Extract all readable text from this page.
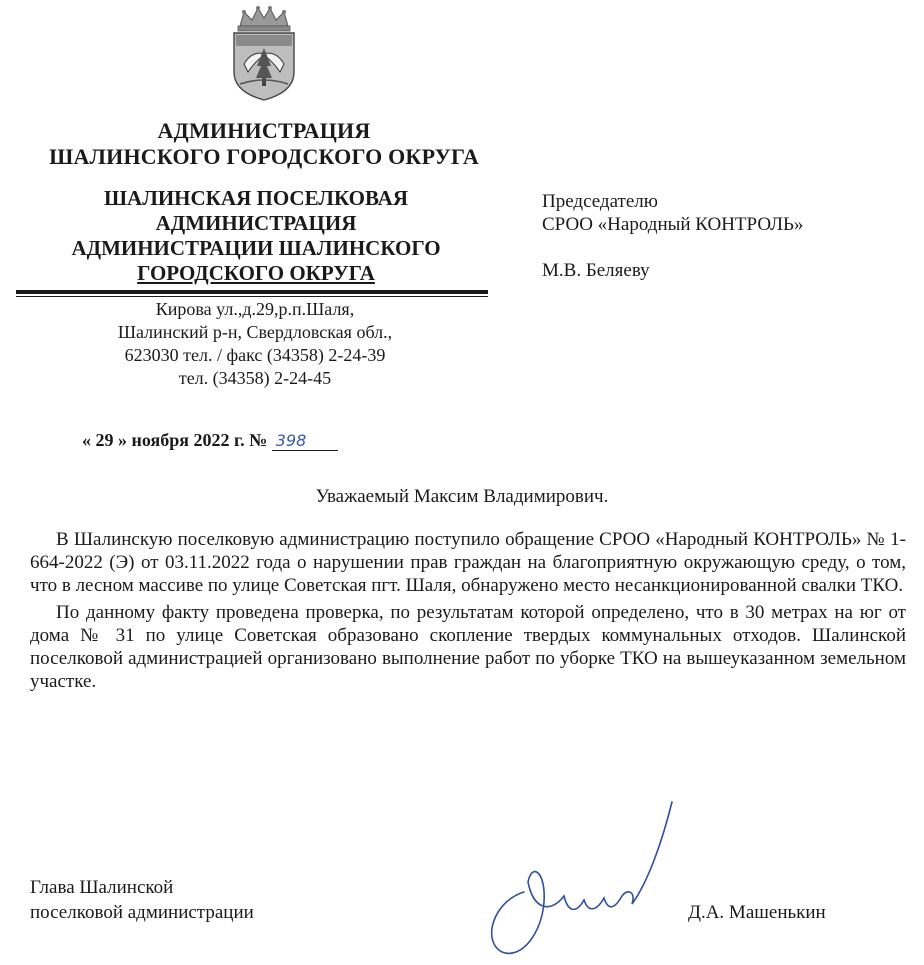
АДМИНИСТРАЦИЯ
ШАЛИНСКОГО ГОРОДСКОГО ОКРУГА
ШАЛИНСКАЯ ПОСЕЛКОВАЯ
АДМИНИСТРАЦИЯ
АДМИНИСТРАЦИИ ШАЛИНСКОГО
ГОРОДСКОГО ОКРУГА
Кирова ул.,д.29,р.п.Шаля,
Шалинский р-н, Свердловская обл.,
623030 тел. / факс (34358) 2-24-39
тел. (34358) 2-24-45
« 29 » ноября 2022 г. № 398
Председателю
СРОО «Народный КОНТРОЛЬ»
М.В. Беляеву
Уважаемый Максим Владимирович.

В Шалинскую поселковую администрацию поступило обращение СРОО «Народный КОНТРОЛЬ» № 1-664-2022 (Э) от 03.11.2022 года о нарушении прав граждан на благоприятную окружающую среду, о том, что в лесном массиве по улице Советская пгт. Шаля, обнаружено место несанкционированной свалки ТКО.

По данному факту проведена проверка, по результатам которой определено, что в 30 метрах на юг от дома № 31 по улице Советская образовано скопление твердых коммунальных отходов. Шалинской поселковой администрацией организовано выполнение работ по уборке ТКО на вышеуказанном земельном участке.

Глава Шалинской
поселковой администрации	Д.А. Машенькин
